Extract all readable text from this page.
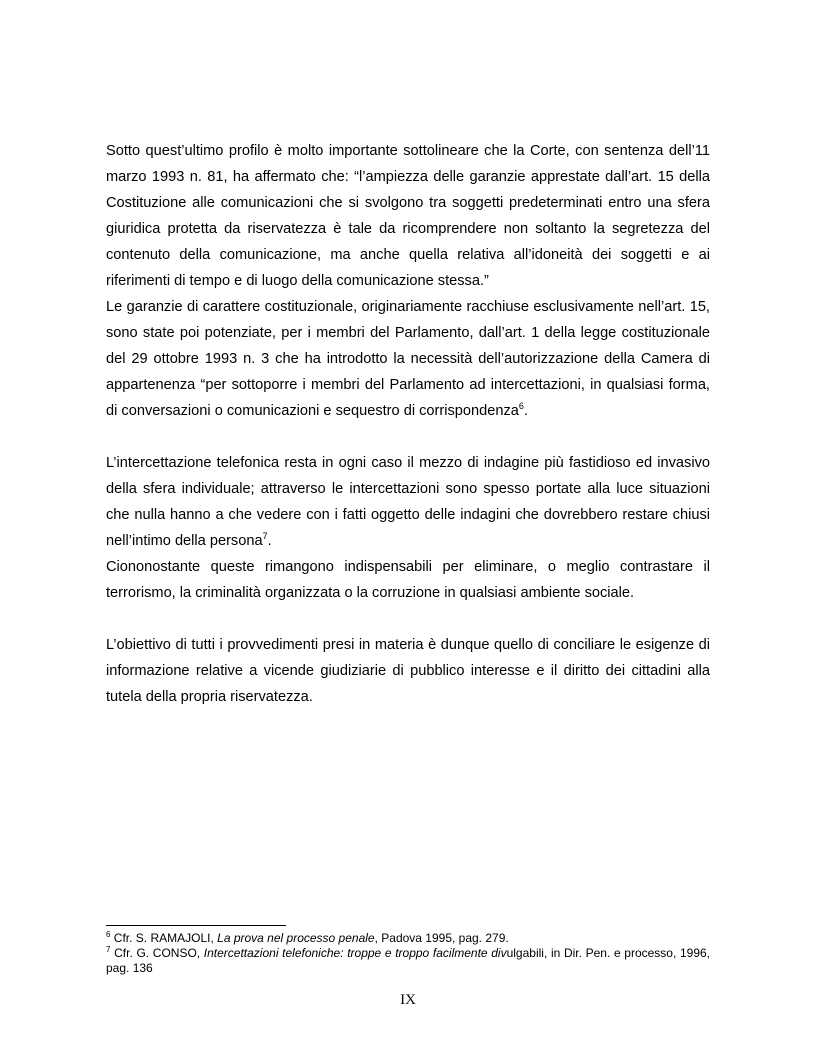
Sotto quest’ultimo profilo è molto importante sottolineare che la Corte, con sentenza dell’11 marzo 1993 n. 81, ha affermato che: “l’ampiezza delle garanzie apprestate dall’art. 15 della Costituzione alle comunicazioni che si svolgono tra soggetti predeterminati entro una sfera giuridica protetta da riservatezza è tale da ricomprendere non soltanto la segretezza del contenuto della comunicazione, ma anche quella relativa all’idoneità dei soggetti e ai riferimenti di tempo e di luogo della comunicazione stessa.”

Le garanzie di carattere costituzionale, originariamente racchiuse esclusivamente nell’art. 15, sono state poi potenziate, per i membri del Parlamento, dall’art. 1 della legge costituzionale del 29 ottobre 1993 n. 3 che ha introdotto la necessità dell’autorizzazione della Camera di appartenenza “per sottoporre i membri del Parlamento ad intercettazioni, in qualsiasi forma, di conversazioni o comunicazioni e sequestro di corrispondenza$^6$.

L’intercettazione telefonica resta in ogni caso il mezzo di indagine più fastidioso ed invasivo della sfera individuale; attraverso le intercettazioni sono spesso portate alla luce situazioni che nulla hanno a che vedere con i fatti oggetto delle indagini che dovrebbero restare chiusi nell’intimo della persona$^7$.

Ciononostante queste rimangono indispensabili per eliminare, o meglio contrastare il terrorismo, la criminalità organizzata o la corruzione in qualsiasi ambiente sociale.

L’obiettivo di tutti i provvedimenti presi in materia è dunque quello di conciliare le esigenze di informazione relative a vicende giudiziarie di pubblico interesse e il diritto dei cittadini alla tutela della propria riservatezza.

$^6$ Cfr. S. RAMAJOLI, La prova nel processo penale, Padova 1995, pag. 279.

$^7$ Cfr. G. CONSO, Intercettazioni telefoniche: troppe e troppo facilmente divulgabili, in Dir. Pen. e processo, 1996, pag. 136

IX
